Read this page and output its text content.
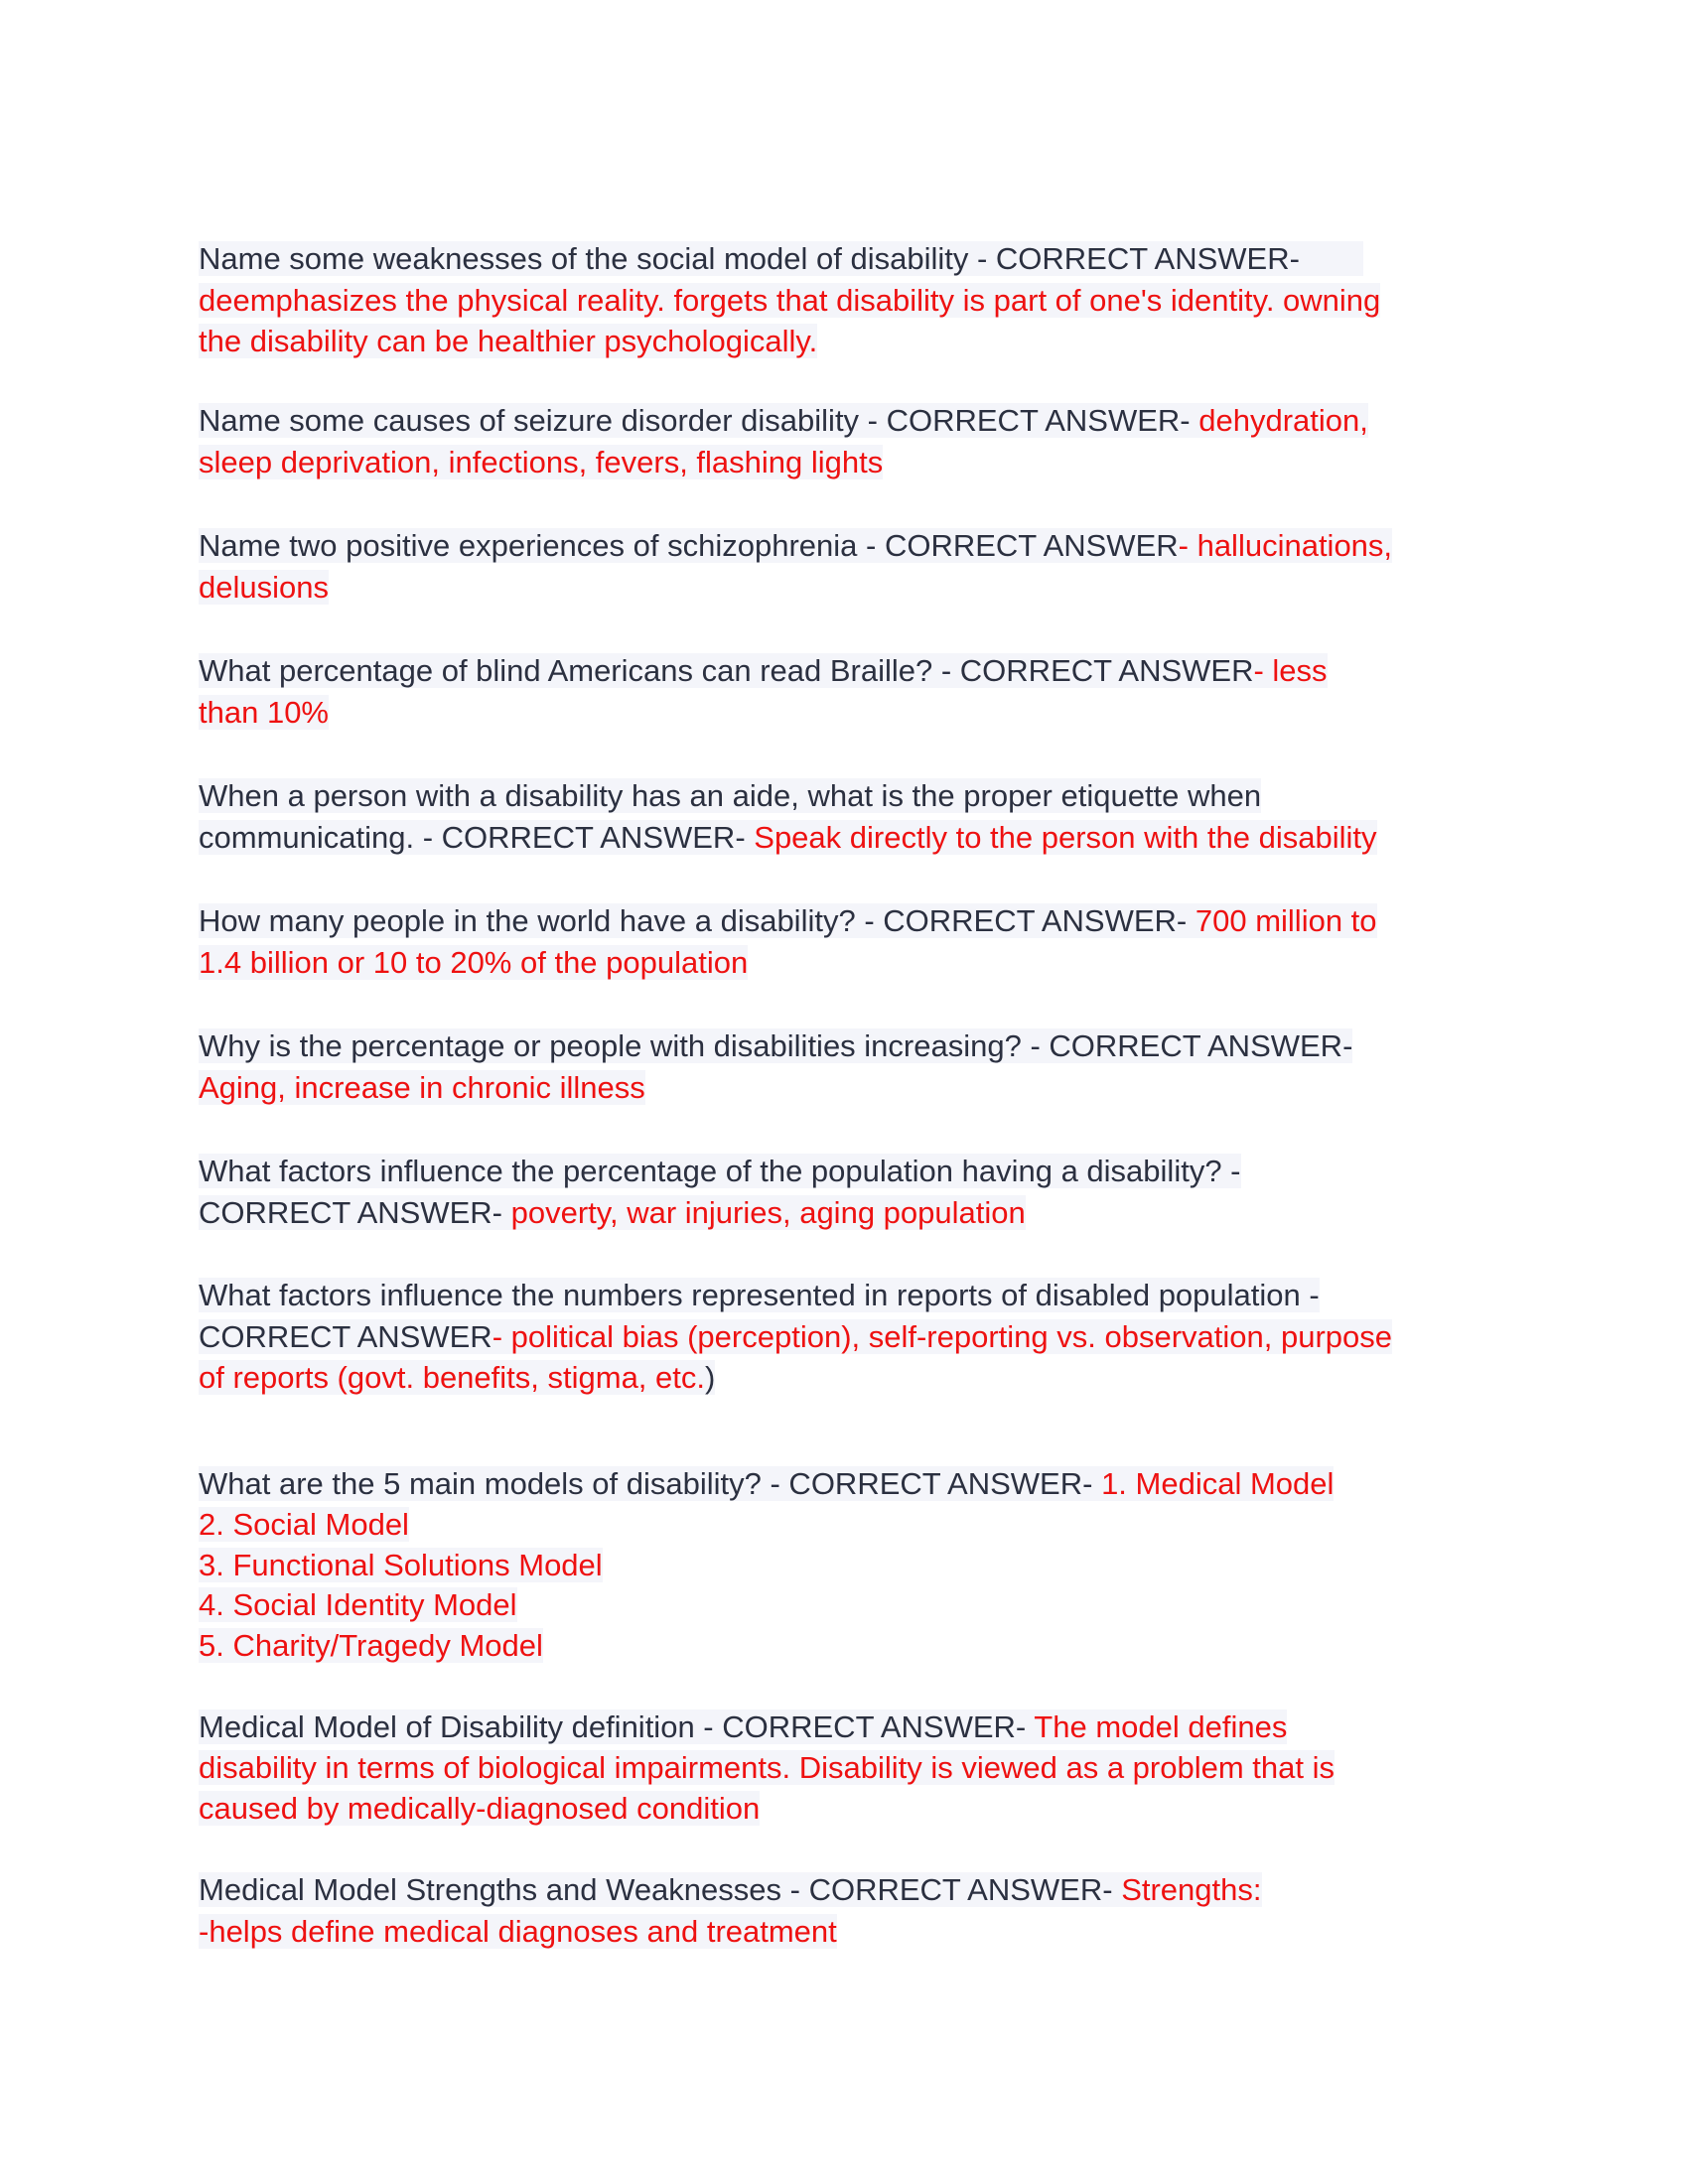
Name some weaknesses of the social model of disability - CORRECT ANSWER-
deemphasizes the physical reality. forgets that disability is part of one's identity. owning
the disability can be healthier psychologically.
Name some causes of seizure disorder disability - CORRECT ANSWER- dehydration,
sleep deprivation, infections, fevers, flashing lights
Name two positive experiences of schizophrenia - CORRECT ANSWER- hallucinations,
delusions
What percentage of blind Americans can read Braille? - CORRECT ANSWER- less
than 10%
When a person with a disability has an aide, what is the proper etiquette when
communicating. - CORRECT ANSWER- Speak directly to the person with the disability
How many people in the world have a disability? - CORRECT ANSWER- 700 million to
1.4 billion or 10 to 20% of the population
Why is the percentage or people with disabilities increasing? - CORRECT ANSWER-
Aging, increase in chronic illness
What factors influence the percentage of the population having a disability? -
CORRECT ANSWER- poverty, war injuries, aging population
What factors influence the numbers represented in reports of disabled population -
CORRECT ANSWER- political bias (perception), self-reporting vs. observation, purpose
of reports (govt. benefits, stigma, etc.)
What are the 5 main models of disability? - CORRECT ANSWER- 1. Medical Model
2. Social Model
3. Functional Solutions Model
4. Social Identity Model
5. Charity/Tragedy Model
Medical Model of Disability definition - CORRECT ANSWER- The model defines
disability in terms of biological impairments. Disability is viewed as a problem that is
caused by medically-diagnosed condition
Medical Model Strengths and Weaknesses - CORRECT ANSWER- Strengths:
-helps define medical diagnoses and treatment
